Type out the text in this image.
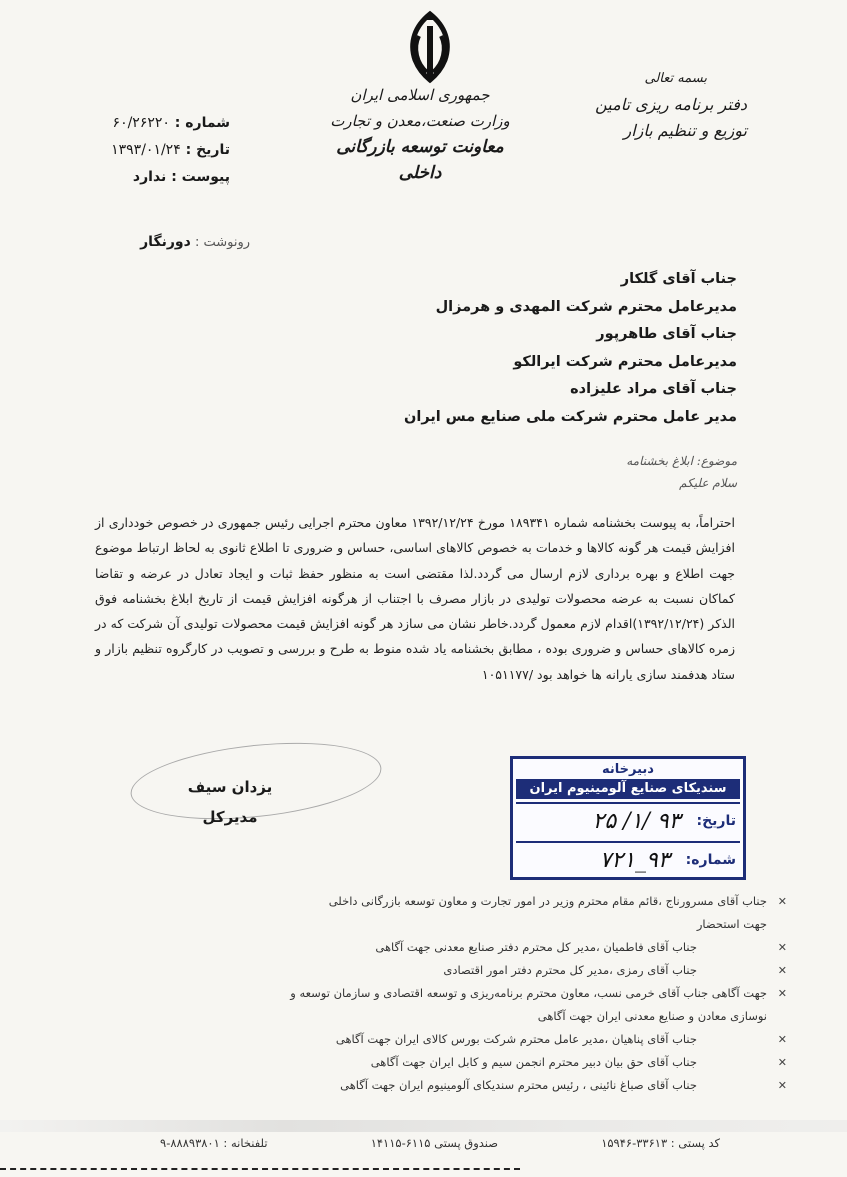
جمهوری اسلامی ایران
وزارت صنعت،معدن و تجارت
معاونت توسعه بازرگانی داخلی
بسمه تعالی
دفتر برنامه ریزی تامین
توزیع و تنظیم بازار
شماره : ۶۰/۲۶۲۲۰
تاریخ : ۱۳۹۳/۰۱/۲۴
پیوست : ندارد
رونوشت : دورنگار
جناب آقای گلکار
مدیرعامل محترم شرکت المهدی و هرمزال
جناب آقای طاهرپور
مدیرعامل محترم شرکت ایرالکو
جناب آقای مراد علیزاده
مدیر عامل محترم شرکت ملی صنایع مس ایران
موضوع: ابلاغ بخشنامه
سلام علیکم
احتراماً، به پیوست بخشنامه شماره ۱۸۹۳۴۱ مورخ ۱۳۹۲/۱۲/۲۴ معاون محترم اجرایی رئیس جمهوری در خصوص خودداری از افزایش قیمت هر گونه کالاها و خدمات به خصوص کالاهای اساسی، حساس و ضروری تا اطلاع ثانوی به لحاظ ارتباط موضوع جهت اطلاع و بهره برداری لازم ارسال می گردد.لذا مقتضی است به منظور حفظ ثبات و ایجاد تعادل در عرضه و تقاضا کماکان نسبت به عرضه محصولات تولیدی در بازار مصرف با اجتناب از هرگونه افزایش قیمت از تاریخ ابلاغ بخشنامه فوق الذکر (۱۳۹۲/۱۲/۲۴)اقدام لازم معمول گردد.خاطر نشان می سازد هر گونه افزایش قیمت محصولات تولیدی آن شرکت که در زمره کالاهای حساس و ضروری بوده ، مطابق بخشنامه یاد شده منوط به طرح و بررسی و تصویب در کارگروه تنظیم بازار و ستاد هدفمند سازی یارانه ها خواهد بود /۱۰۵۱۱۷۷
یزدان سیف
مدیرکل
دبیرخانه
سندیکای صنایع آلومینیوم ایران
تاریخ:
۹۳ /۱/ ۲۵
شماره:
۹۳_۷۲۱
✕ جناب آقای مسرورناج ،قائم مقام محترم وزیر در امور تجارت و معاون توسعه بازرگانی داخلی
جهت استحضار
✕ جناب آقای فاطمیان ،مدیر کل محترم دفتر صنایع معدنی جهت آگاهی
✕ جناب آقای رمزی ،مدیر کل محترم دفتر امور اقتصادی
✕ جهت آگاهی جناب آقای خرمی نسب، معاون محترم برنامه‌ریزی و توسعه اقتصادی و سازمان توسعه و
نوسازی معادن و صنایع معدنی ایران جهت آگاهی
✕ جناب آقای پناهیان ،مدیر عامل محترم شرکت بورس کالای ایران جهت آگاهی
✕ جناب آقای حق بیان دبیر محترم انجمن سیم و کابل ایران جهت آگاهی
✕ جناب آقای صباغ نائینی ، رئیس محترم سندیکای آلومینیوم ایران جهت آگاهی
کد پستی : ۳۳۶۱۳-۱۵۹۴۶
صندوق پستی ۶۱۱۵-۱۴۱۱۵
تلفنخانه : ۸۸۸۹۳۸۰۱-۹
